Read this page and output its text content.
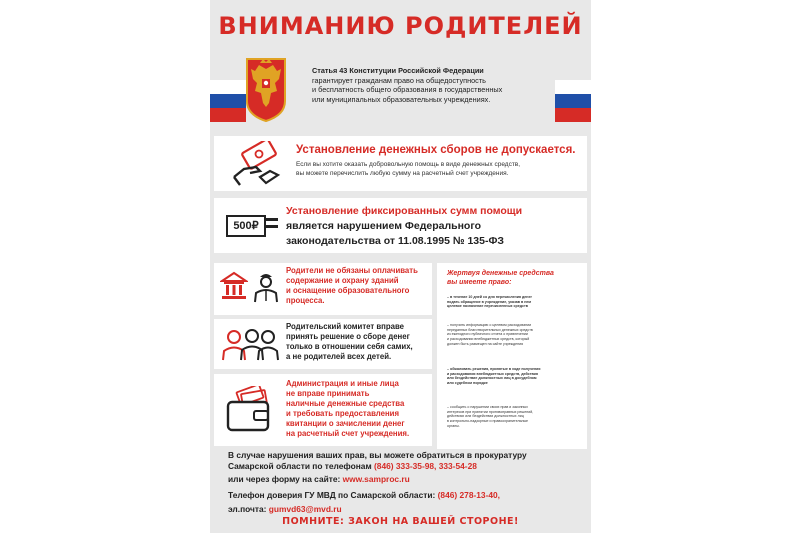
ВНИМАНИЮ РОДИТЕЛЕЙ
Статья 43 Конституции Российской Федерации
гарантирует гражданам право на общедоступность
и бесплатность общего образования в государственных
или муниципальных образовательных учреждениях.
Установление денежных сборов не допускается.
Если вы хотите оказать добровольную помощь в виде денежных средств,
вы можете перечислить любую сумму на расчетный счет учреждения.
500₽
Установление фиксированных сумм помощи
является нарушением Федерального
законодательства от 11.08.1995 № 135-ФЗ
Родители не обязаны оплачивать
содержание и охрану зданий
и оснащение образовательного
процесса.
Родительский комитет вправе
принять решение о сборе денег
только в отношении себя самих,
а не родителей всех детей.
Администрация и иные лица
не вправе принимать
наличные денежные средства
и требовать предоставления
квитанции о зачислении денег
на расчетный счет учреждения.
Жертвуя денежные средства
вы имеете право:
– в течение 10 дней со дня перечисления денег
подать обращение в учреждение, указав в нем
целевое назначение перечисленных средств
– получить информацию о целевом расходовании
переданных благотворительных денежных средств
из ежегодного публичного отчета о привлечении
и расходовании внебюджетных средств, который
должен быть размещен на сайте учреждения
– обжаловать решения, принятые в ходе получения
и расходования внебюджетных средств, действия
или бездействие должностных лиц в досудебном
или судебном порядке
– сообщить о нарушении своих прав и законных
интересов при принятии противоправных решений,
действиях или бездействии должностных лиц
в контрольно-надзорные и правоохранительные
органы.
В случае нарушения ваших прав, вы можете обратиться в прокуратуру
Самарской области по телефонам (846) 333-35-98, 333-54-28
или через форму на сайте: www.samproc.ru
Телефон доверия ГУ МВД по Самарской области: (846) 278-13-40,
эл.почта: gumvd63@mvd.ru
ПОМНИТЕ: ЗАКОН НА ВАШЕЙ СТОРОНЕ!
